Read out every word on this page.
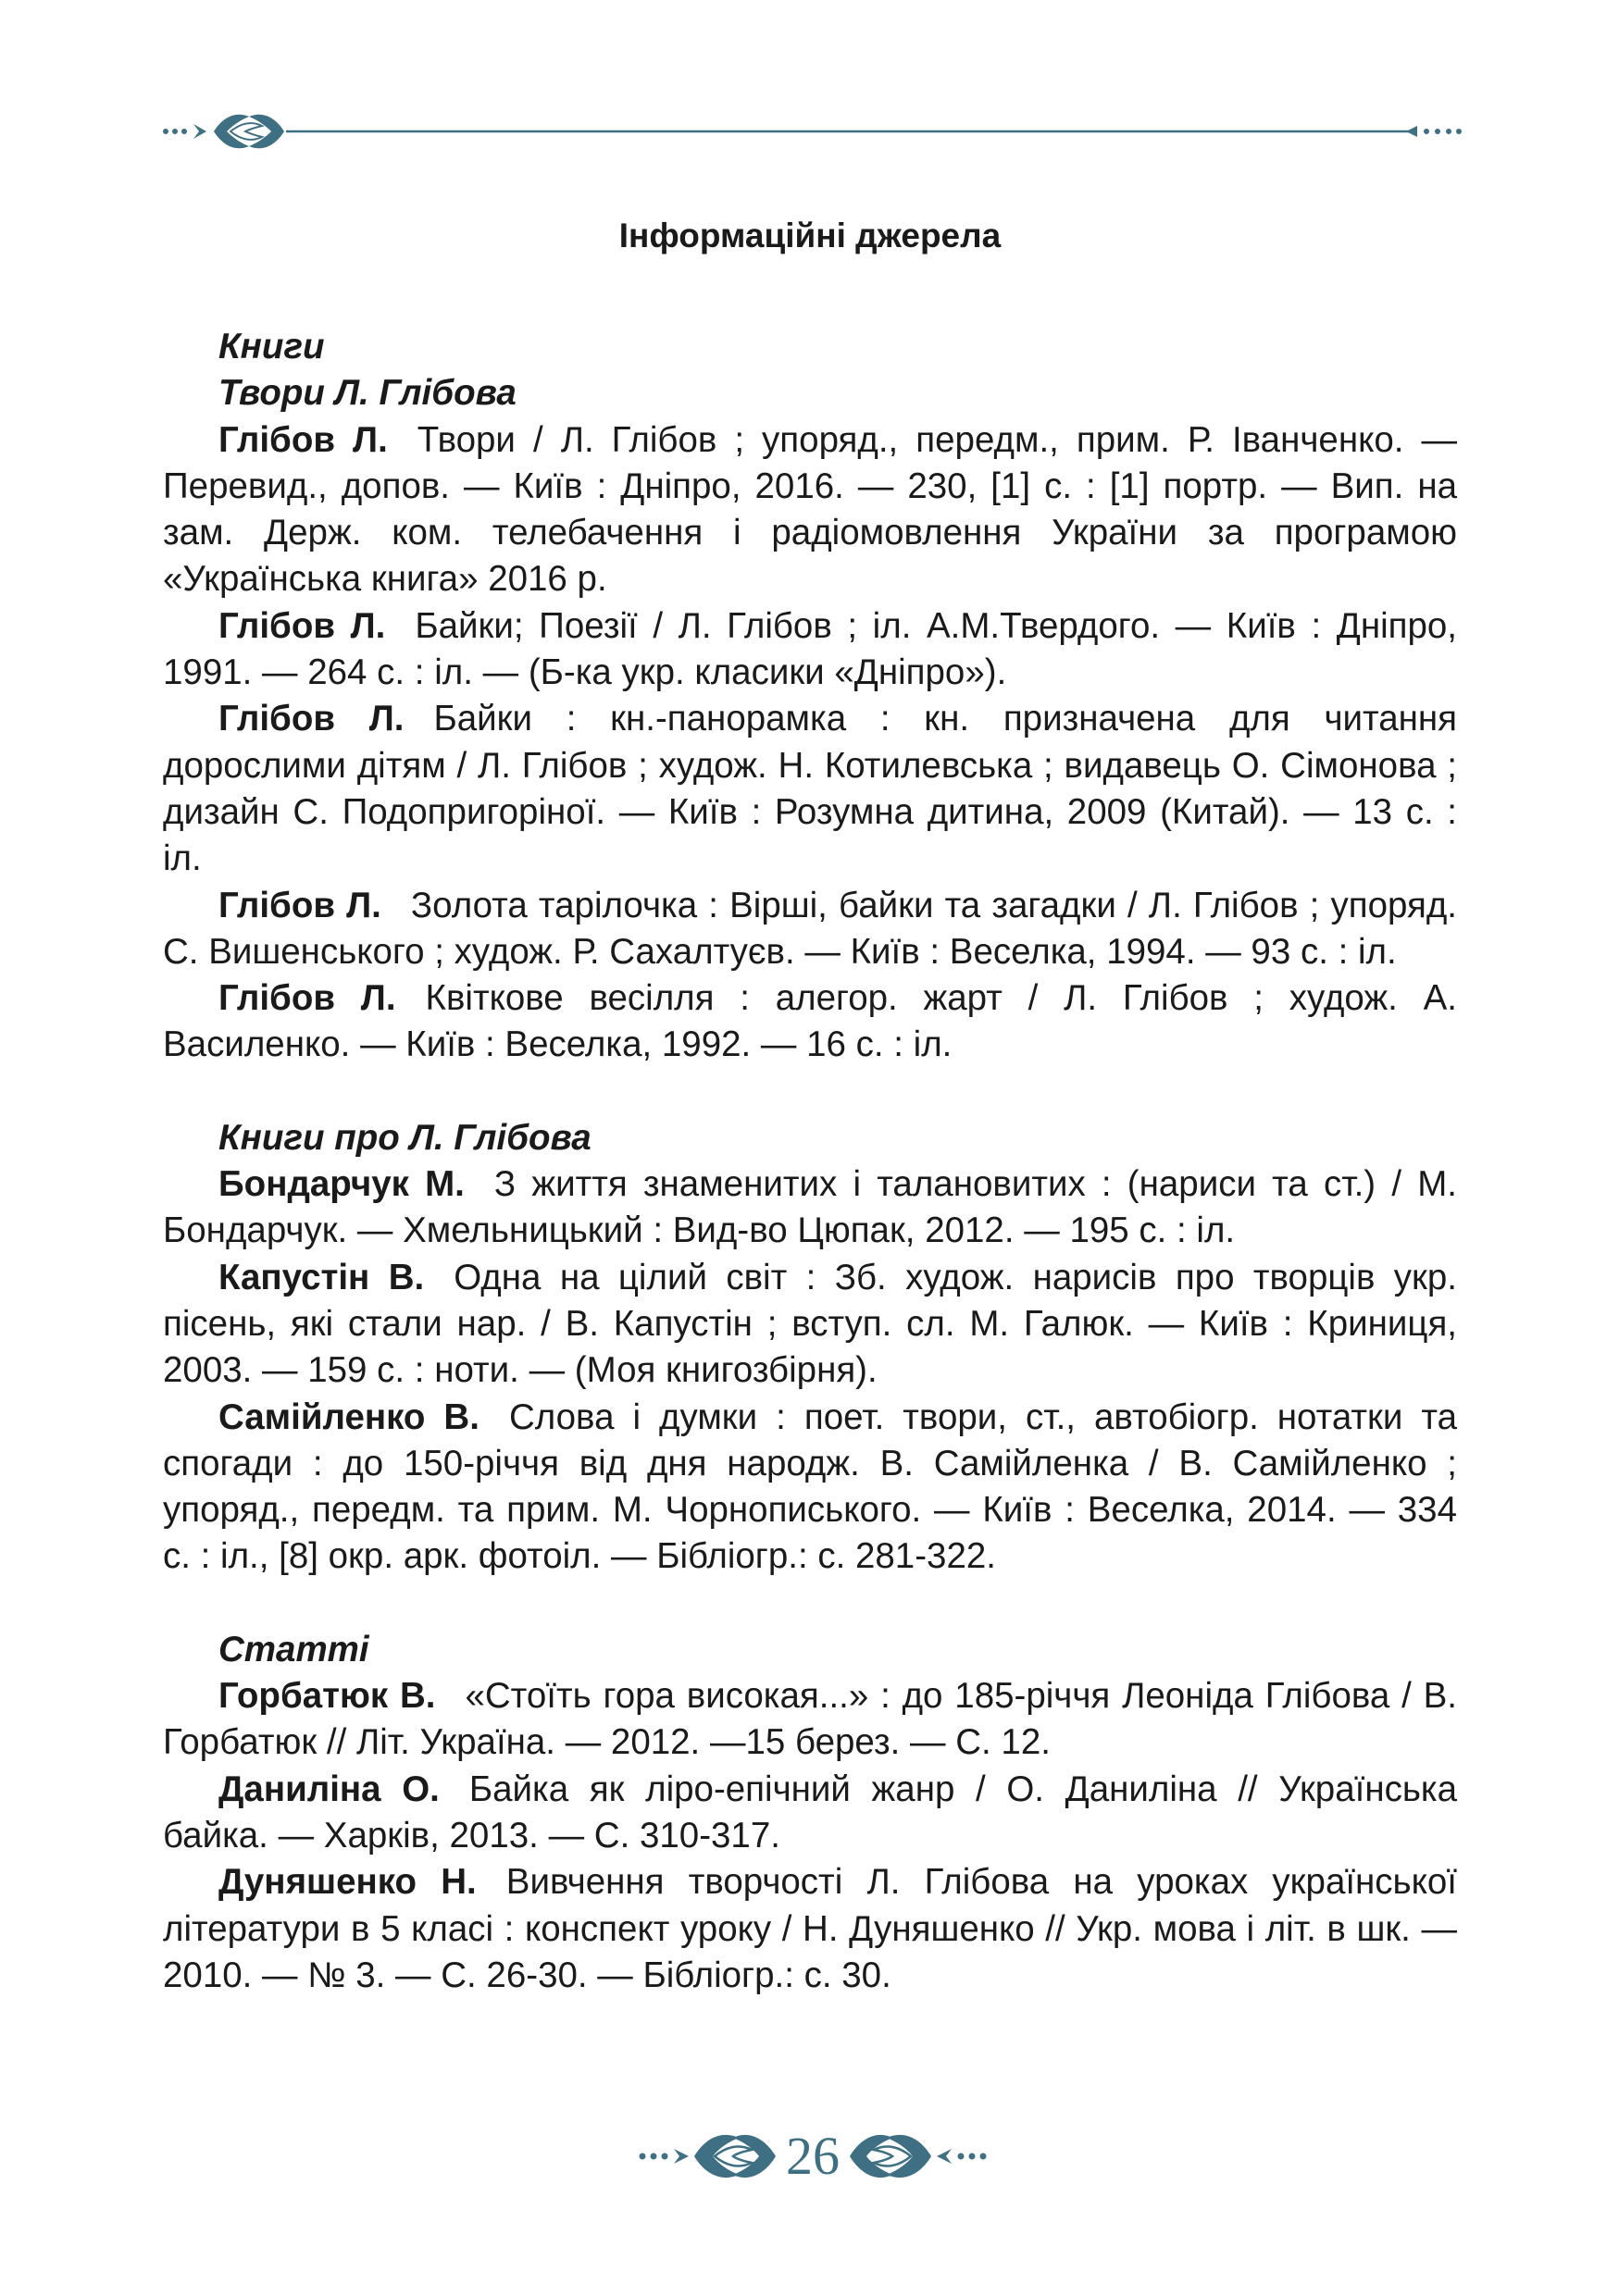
Інформаційні джерела
Книги
Твори Л. Глібова

Глібов Л. Твори / Л. Глібов ; упоряд., передм., прим. Р. Іванченко. — Перевид., допов. — Київ : Дніпро, 2016. — 230, [1] с. : [1] портр. — Вип. на зам. Держ. ком. телебачення і радіомовлення України за програмою «Українська книга» 2016 р.

Глібов Л. Байки; Поезії / Л. Глібов ; іл. А.М.Твердого. — Київ : Дніпро, 1991. — 264 с. : іл. — (Б-ка укр. класики «Дніпро»).

Глібов Л. Байки : кн.-панорамка : кн. призначена для читання дорослими дітям / Л. Глібов ; худож. Н. Котилевська ; видавець О. Сімонова ; дизайн С. Подопригоріної. — Київ : Розумна дитина, 2009 (Китай). — 13 с. : іл.

Глібов Л. Золота тарілочка : Вірші, байки та загадки / Л. Глібов ; упоряд. С. Вишенського ; худож. Р. Сахалтуєв. — Київ : Веселка, 1994. — 93 с. : іл.

Глібов Л. Квіткове весілля : алегор. жарт / Л. Глібов ; худож. А. Василенко. — Київ : Веселка, 1992. — 16 с. : іл.

Книги про Л. Глібова

Бондарчук М. З життя знаменитих і талановитих : (нариси та ст.) / М. Бондарчук. — Хмельницький : Вид-во Цюпак, 2012. — 195 с. : іл.

Капустін В. Одна на цілий світ : Зб. худож. нарисів про творців укр. пісень, які стали нар. / В. Капустін ; вступ. сл. М. Галюк. — Київ : Криниця, 2003. — 159 с. : ноти. — (Моя книгозбірня).

Самійленко В. Слова і думки : поет. твори, ст., автобіогр. нотатки та спогади : до 150-річчя від дня народж. В. Самійленка / В. Самійленко ; упоряд., передм. та прим. М. Чорнописького. — Київ : Веселка, 2014. — 334 с. : іл., [8] окр. арк. фотоіл. — Бібліогр.: с. 281-322.

Статті

Горбатюк В. «Стоїть гора високая...» : до 185-річчя Леоніда Глібова / В. Горбатюк // Літ. Україна. — 2012. —15 берез. — С. 12.

Даниліна О. Байка як ліро-епічний жанр / О. Даниліна // Українська байка. — Харків, 2013. — С. 310-317.

Дуняшенко Н. Вивчення творчості Л. Глібова на уроках української літератури в 5 класі : конспект уроку / Н. Дуняшенко // Укр. мова і літ. в шк. — 2010. — № 3. — С. 26-30. — Бібліогр.: с. 30.

26
